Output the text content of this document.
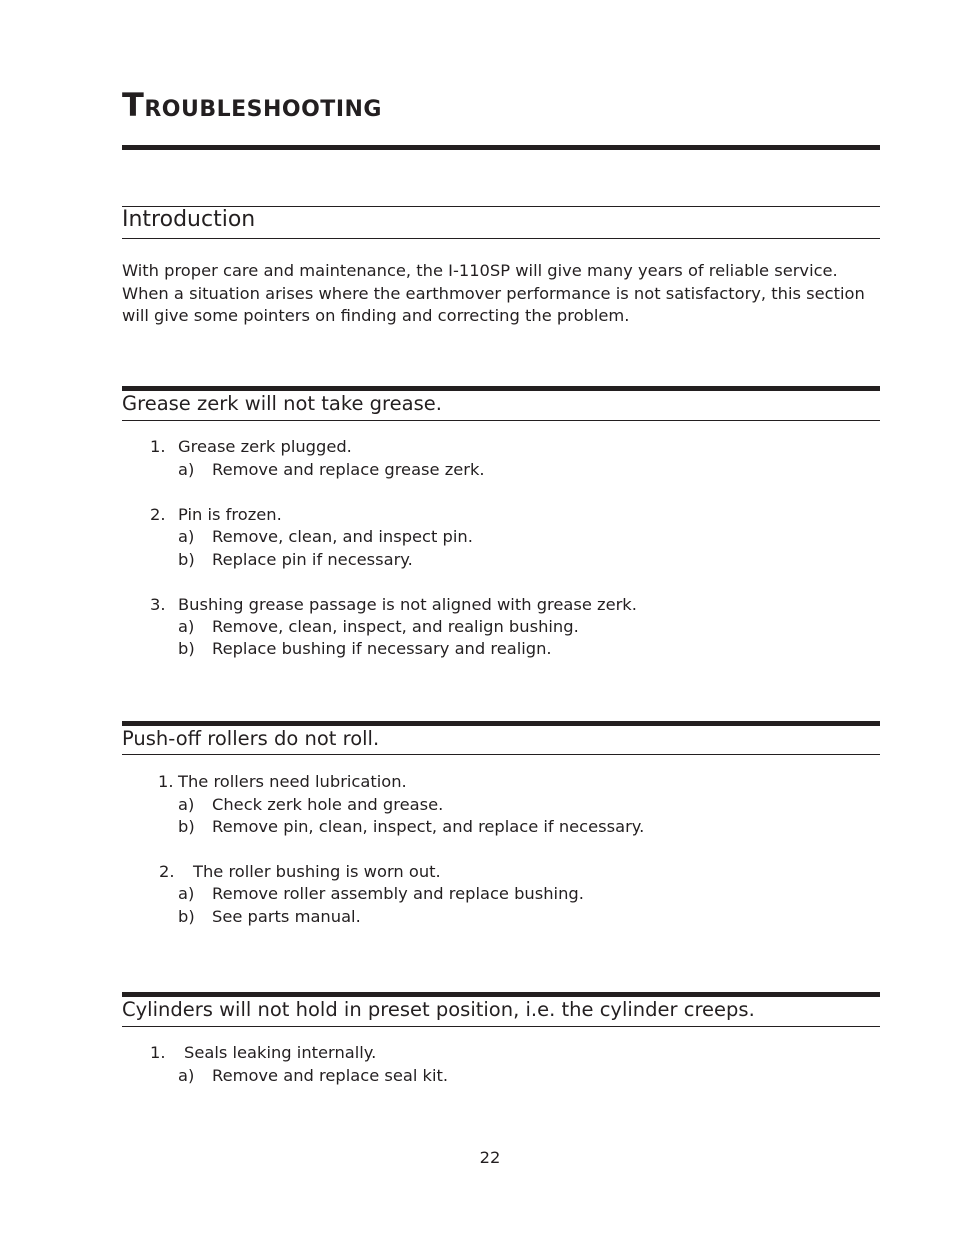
Troubleshooting
Introduction

With proper care and maintenance, the I-110SP will give many years of reliable service.
When a situation arises where the earthmover performance is not satisfactory, this section
will give some pointers on finding and correcting the problem.

Grease zerk will not take grease.
1. Grease zerk plugged.
a) Remove and replace grease zerk.
2. Pin is frozen.
a) Remove, clean, and inspect pin.
b) Replace pin if necessary.
3. Bushing grease passage is not aligned with grease zerk.
a) Remove, clean, inspect, and realign bushing.
b) Replace bushing if necessary and realign.
Push-off rollers do not roll.
1. The rollers need lubrication.
a) Check zerk hole and grease.
b) Remove pin, clean, inspect, and replace if necessary.
2. The roller bushing is worn out.
a) Remove roller assembly and replace bushing.
b) See parts manual.
Cylinders will not hold in preset position, i.e. the cylinder creeps.
1. Seals leaking internally.
a) Remove and replace seal kit.
22
